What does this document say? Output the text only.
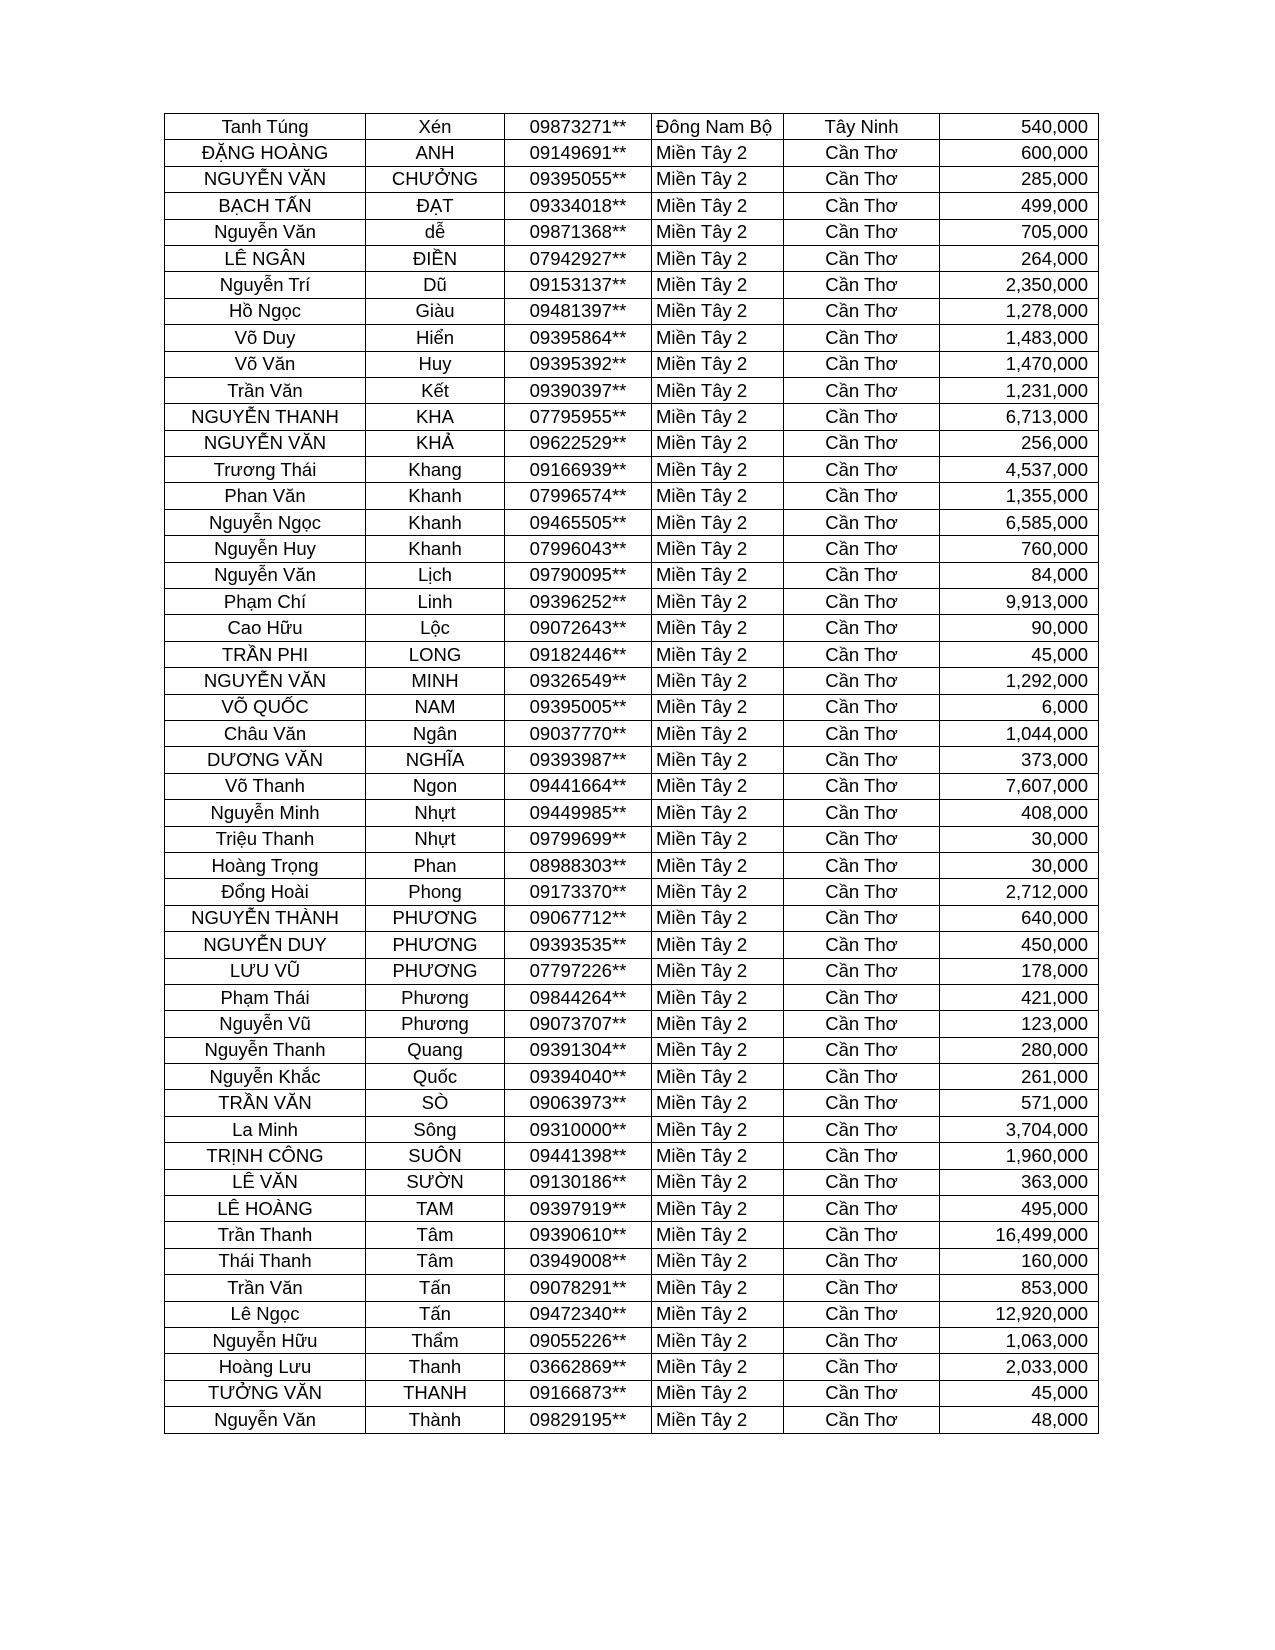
Tanh Túng	Xén	09873271**	Đông Nam Bộ	Tây Ninh	540,000
ĐẶNG HOÀNG	ANH	09149691**	Miền Tây 2	Cần Thơ	600,000
NGUYỄN VĂN	CHƯỞNG	09395055**	Miền Tây 2	Cần Thơ	285,000
BẠCH TẤN	ĐẠT	09334018**	Miền Tây 2	Cần Thơ	499,000
Nguyễn Văn	dễ	09871368**	Miền Tây 2	Cần Thơ	705,000
LÊ NGÂN	ĐIỀN	07942927**	Miền Tây 2	Cần Thơ	264,000
Nguyễn Trí	Dũ	09153137**	Miền Tây 2	Cần Thơ	2,350,000
Hồ Ngọc	Giàu	09481397**	Miền Tây 2	Cần Thơ	1,278,000
Võ Duy	Hiển	09395864**	Miền Tây 2	Cần Thơ	1,483,000
Võ Văn	Huy	09395392**	Miền Tây 2	Cần Thơ	1,470,000
Trần Văn	Kết	09390397**	Miền Tây 2	Cần Thơ	1,231,000
NGUYỄN THANH	KHA	07795955**	Miền Tây 2	Cần Thơ	6,713,000
NGUYỄN VĂN	KHẢ	09622529**	Miền Tây 2	Cần Thơ	256,000
Trương Thái	Khang	09166939**	Miền Tây 2	Cần Thơ	4,537,000
Phan Văn	Khanh	07996574**	Miền Tây 2	Cần Thơ	1,355,000
Nguyễn Ngọc	Khanh	09465505**	Miền Tây 2	Cần Thơ	6,585,000
Nguyễn Huy	Khanh	07996043**	Miền Tây 2	Cần Thơ	760,000
Nguyễn Văn	Lịch	09790095**	Miền Tây 2	Cần Thơ	84,000
Phạm Chí	Linh	09396252**	Miền Tây 2	Cần Thơ	9,913,000
Cao Hữu	Lộc	09072643**	Miền Tây 2	Cần Thơ	90,000
TRẦN PHI	LONG	09182446**	Miền Tây 2	Cần Thơ	45,000
NGUYỄN VĂN	MINH	09326549**	Miền Tây 2	Cần Thơ	1,292,000
VÕ QUỐC	NAM	09395005**	Miền Tây 2	Cần Thơ	6,000
Châu Văn	Ngân	09037770**	Miền Tây 2	Cần Thơ	1,044,000
DƯƠNG VĂN	NGHĨA	09393987**	Miền Tây 2	Cần Thơ	373,000
Võ Thanh	Ngon	09441664**	Miền Tây 2	Cần Thơ	7,607,000
Nguyễn Minh	Nhựt	09449985**	Miền Tây 2	Cần Thơ	408,000
Triệu Thanh	Nhựt	09799699**	Miền Tây 2	Cần Thơ	30,000
Hoàng Trọng	Phan	08988303**	Miền Tây 2	Cần Thơ	30,000
Đổng Hoài	Phong	09173370**	Miền Tây 2	Cần Thơ	2,712,000
NGUYỄN THÀNH	PHƯƠNG	09067712**	Miền Tây 2	Cần Thơ	640,000
NGUYỄN DUY	PHƯƠNG	09393535**	Miền Tây 2	Cần Thơ	450,000
LƯU VŨ	PHƯƠNG	07797226**	Miền Tây 2	Cần Thơ	178,000
Phạm Thái	Phương	09844264**	Miền Tây 2	Cần Thơ	421,000
Nguyễn Vũ	Phương	09073707**	Miền Tây 2	Cần Thơ	123,000
Nguyễn Thanh	Quang	09391304**	Miền Tây 2	Cần Thơ	280,000
Nguyễn Khắc	Quốc	09394040**	Miền Tây 2	Cần Thơ	261,000
TRẦN VĂN	SÒ	09063973**	Miền Tây 2	Cần Thơ	571,000
La Minh	Sông	09310000**	Miền Tây 2	Cần Thơ	3,704,000
TRỊNH CÔNG	SUÔN	09441398**	Miền Tây 2	Cần Thơ	1,960,000
LÊ VĂN	SƯỜN	09130186**	Miền Tây 2	Cần Thơ	363,000
LÊ HOÀNG	TAM	09397919**	Miền Tây 2	Cần Thơ	495,000
Trần Thanh	Tâm	09390610**	Miền Tây 2	Cần Thơ	16,499,000
Thái Thanh	Tâm	03949008**	Miền Tây 2	Cần Thơ	160,000
Trần Văn	Tấn	09078291**	Miền Tây 2	Cần Thơ	853,000
Lê Ngọc	Tấn	09472340**	Miền Tây 2	Cần Thơ	12,920,000
Nguyễn Hữu	Thẩm	09055226**	Miền Tây 2	Cần Thơ	1,063,000
Hoàng Lưu	Thanh	03662869**	Miền Tây 2	Cần Thơ	2,033,000
TƯỞNG VĂN	THANH	09166873**	Miền Tây 2	Cần Thơ	45,000
Nguyễn Văn	Thành	09829195**	Miền Tây 2	Cần Thơ	48,000
